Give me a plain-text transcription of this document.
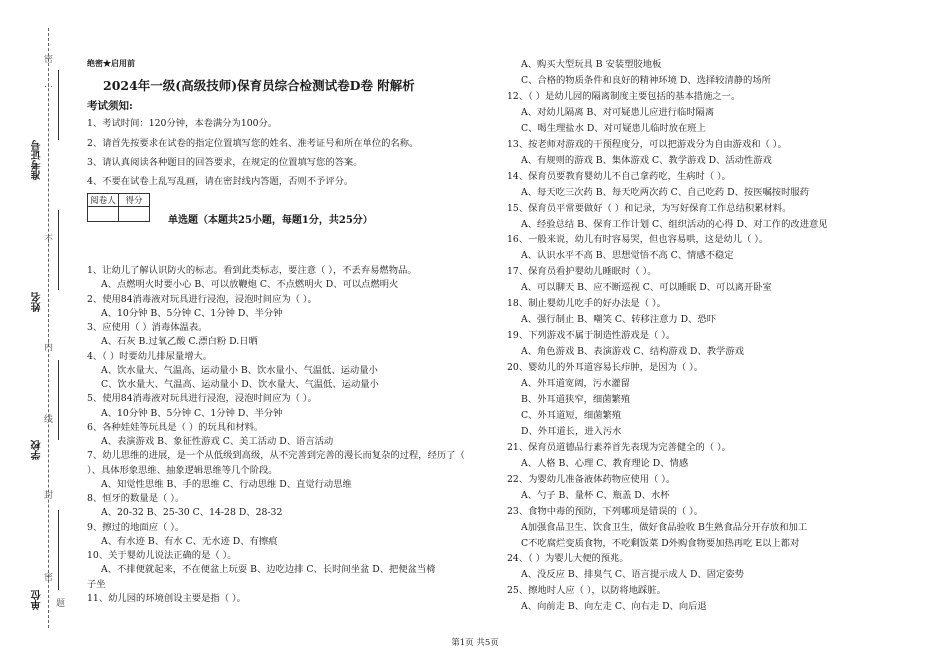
密
不
内
线
封
密
…
题
准考证号
姓名
学校
单位
绝密★启用前
2024年一级(高级技师)保育员综合检测试卷D卷 附解析
考试须知:
1、考试时间：120分钟，本卷满分为100分。
2、请首先按要求在试卷的指定位置填写您的姓名、准考证号和所在单位的名称。
3、请认真阅读各种题目的回答要求，在规定的位置填写您的答案。
4、不要在试卷上乱写乱画，请在密封线内答题，否则不予评分。
阅卷人	得分

单选题（本题共25小题，每题1分，共25分）
1、让幼儿了解认识防火的标志。看到此类标志，要注意（ ），不丢弃易燃物品。
A、点燃明火时要小心 B、可以放鞭炮 C、不点燃明火 D、可以点燃明火
2、使用84消毒液对玩具进行浸泡，浸泡时间应为（ ）。
A、10分钟 B、5分钟 C、1分钟 D、半分钟
3、应使用（ ）消毒体温表。
A、石灰 B.过氧乙酸 C.漂白粉 D.日晒
4、（ ）时要幼儿排尿量增大。
A、饮水量大、气温高、运动量小 B、饮水量小、气温低、运动量小
C、饮水量大、气温高、运动量小 D、饮水量大、气温低、运动量小
5、使用84消毒液对玩具进行浸泡，浸泡时间应为（ ）。
A、10分钟 B、5分钟 C、1分钟 D、半分钟
6、各种娃娃等玩具是（ ）的玩具和材料。
A、表演游戏 B、象征性游戏 C、美工活动 D、语言活动
7、幼儿思维的进展，是一个从低级到高级，从不完善到完善的漫长而复杂的过程，经历了（
）、具体形象思维、抽象逻辑思维等几个阶段。
A、知觉性思维 B、手的思维 C、行动思维 D、直觉行动思维
8、恒牙的数量是（ ）。
A、20-32 B、25-30 C、14-28 D、28-32
9、擦过的地面应（ ）。
A、有水迹 B、有水 C、无水迹 D、有擦痕
10、关于婴幼儿说法正确的是（ ）。
A、不排便就起来，不在便盆上玩耍 B、边吃边排 C、长时间坐盆 D、把便盆当椅
子坐
11、幼儿园的环境创设主要是指（ ）。
A、购买大型玩具 B 安装塑胶地板
C、合格的物质条件和良好的精神环境 D、选择较清静的场所
12、（ ）是幼儿园的隔离制度主要包括的基本措施之一。
A、对幼儿隔离 B、对可疑患儿应进行临时隔离
C、喝生理盐水 D、对可疑患儿临时放在班上
13、按老师对游戏的干预程度分，可以把游戏分为自由游戏和（ ）。
A、有规则的游戏 B、集体游戏 C、教学游戏 D、活动性游戏
14、保育员要教育婴幼儿不自己拿药吃，生病时（ ）。
A、每天吃三次药 B、每天吃两次药 C、自己吃药 D、按医嘱按时服药
15、保育员平常要做好（ ）和记录，为写好保育工作总结积累材料。
A、经验总结 B、保育工作计划 C、组织活动的心得 D、对工作的改进意见
16、一般来说，幼儿有时容易哭，但也容易哄，这是幼儿（ ）。
A、认识水平不高 B、思想觉悟不高 C、情感不稳定
17、保育员看护婴幼儿睡眠时（ ）。
A、可以聊天 B、应不断巡视 C、可以睡眠 D、可以离开卧室
18、制止婴幼儿吃手的好办法是（ ）。
A、强行制止 B、嘲笑 C、转移注意力 D、恐吓
19、下列游戏不属于制造性游戏是（ ）。
A、角色游戏 B、表演游戏 C、结构游戏 D、教学游戏
20、婴幼儿的外耳道容易长疖肿，是因为（ ）。
A、外耳道宽阔，污水灌留
B、外耳道狭窄，细菌繁殖
C、外耳道短，细菌繁殖
D、外耳道长，进入污水
21、保育员道德品行素养首先表现为完善健全的（ ）。
A、人格 B、心理 C、教育理论 D、情感
22、为婴幼儿准备液体药物应使用（ ）。
A、勺子 B、量杯 C、瓶盖 D、水杯
23、食物中毒的预防，下列哪项是错误的（ ）。
A加强食品卫生、饮食卫生，做好食品验收 B生熟食品分开存放和加工
C不吃腐烂变质食物，不吃剩饭菜 D外购食物要加热再吃 E以上都对
24、（ ）为婴儿大便的预兆。
A、没反应 B、排臭气 C、语言提示成人 D、固定姿势
25、擦地时人应（ ），以防将地踩脏。
A、向前走 B、向左走 C、向右走 D、向后退
第1页 共5页
